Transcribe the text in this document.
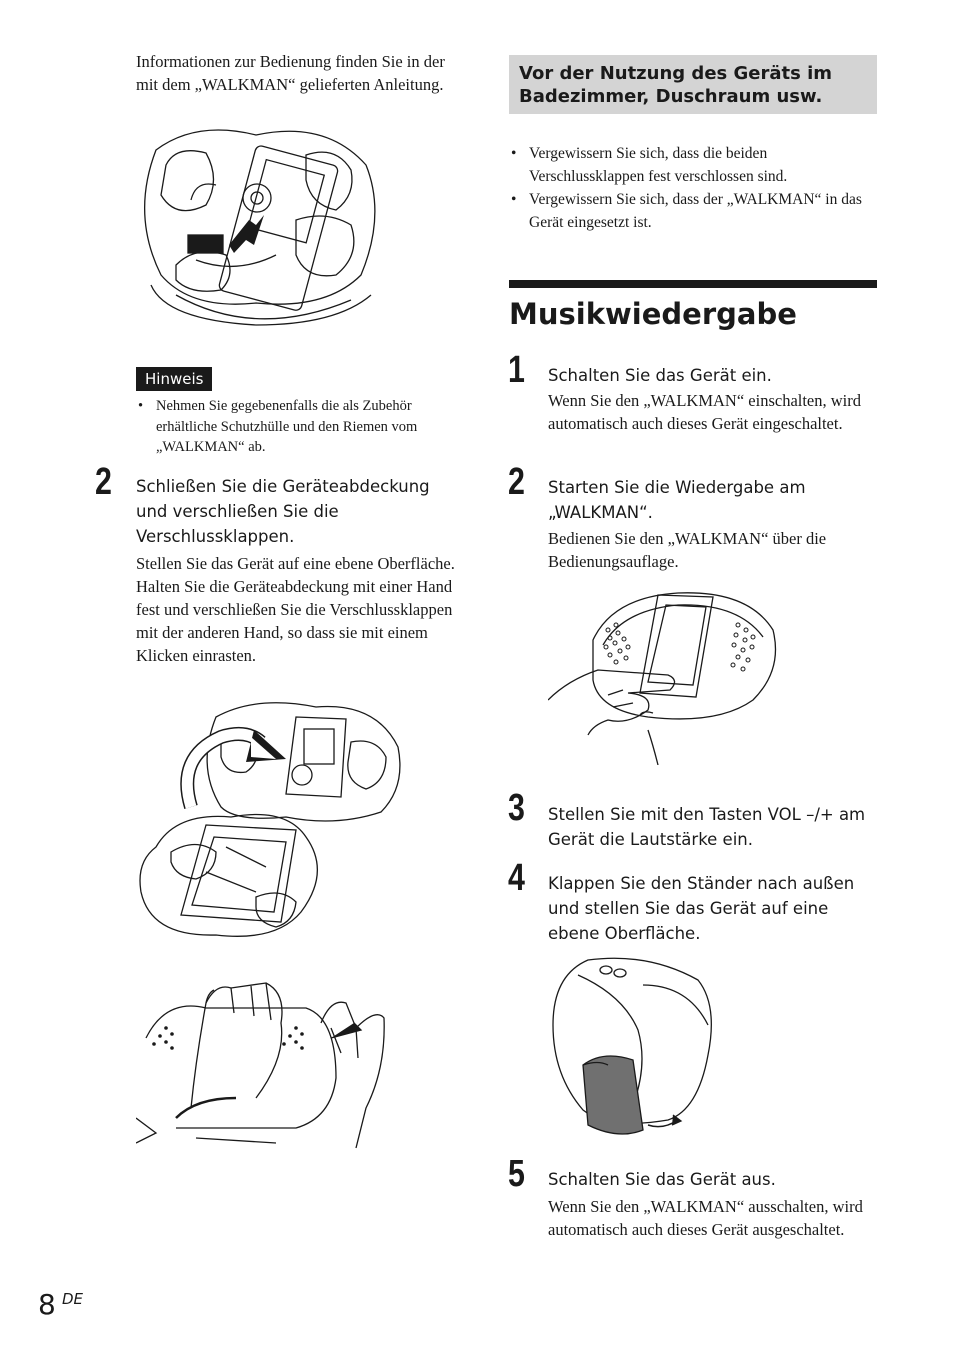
Informationen zur Bedienung finden Sie in der mit dem „WALKMAN“ gelieferten Anleitung.
Hinweis
• Nehmen Sie gegebenenfalls die als Zubehör erhältliche Schutzhülle und den Riemen vom „WALKMAN“ ab.
2 Schließen Sie die Geräteabdeckung und verschließen Sie die Verschlussklappen.
Stellen Sie das Gerät auf eine ebene Oberfläche. Halten Sie die Geräteabdeckung mit einer Hand fest und verschließen Sie die Verschlussklappen mit der anderen Hand, so dass sie mit einem Klicken einrasten.
Vor der Nutzung des Geräts im Badezimmer, Duschraum usw.
• Vergewissern Sie sich, dass die beiden Verschlussklappen fest verschlossen sind.
• Vergewissern Sie sich, dass der „WALKMAN“ in das Gerät eingesetzt ist.
Musikwiedergabe
1 Schalten Sie das Gerät ein.
Wenn Sie den „WALKMAN“ einschalten, wird automatisch auch dieses Gerät eingeschaltet.
2 Starten Sie die Wiedergabe am „WALKMAN“.
Bedienen Sie den „WALKMAN“ über die Bedienungsauflage.
3 Stellen Sie mit den Tasten VOL –/+ am Gerät die Lautstärke ein.
4 Klappen Sie den Ständer nach außen und stellen Sie das Gerät auf eine ebene Oberfläche.
5 Schalten Sie das Gerät aus.
Wenn Sie den „WALKMAN“ ausschalten, wird automatisch auch dieses Gerät ausgeschaltet.
8 DE
